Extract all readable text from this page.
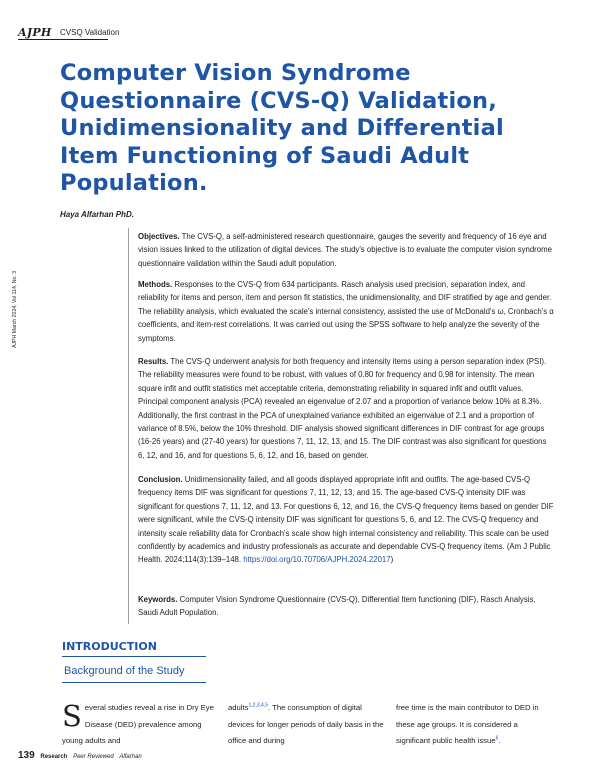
AJPH CVSQ Validation
Computer Vision Syndrome Questionnaire (CVS-Q) Validation, Unidimensionality and Differential Item Functioning of Saudi Adult Population.
Haya Alfarhan PhD.
AJPH March 2024, Vol 114, No. 3

Objectives. The CVS-Q, a self-administered research questionnaire, gauges the severity and frequency of 16 eye and vision issues linked to the utilization of digital devices. The study's objective is to evaluate the computer vision syndrome questionnaire validation within the Saudi adult population.

Methods. Responses to the CVS-Q from 634 participants. Rasch analysis used precision, separation index, and reliability for items and person, item and person fit statistics, the unidimensionality, and DIF stratified by age and gender. The reliability analysis, which evaluated the scale's internal consistency, assisted the use of McDonald's ω, Cronbach's α coefficients, and item-rest correlations. It was carried out using the SPSS software to help analyze the severity of the symptoms.

Results. The CVS-Q underwent analysis for both frequency and intensity items using a person separation index (PSI). The reliability measures were found to be robust, with values of 0.80 for frequency and 0.98 for intensity. The mean square infit and outfit statistics met acceptable criteria, demonstrating reliability in squared infit and outfit values. Principal component analysis (PCA) revealed an eigenvalue of 2.07 and a proportion of variance below 10% at 8.3%. Additionally, the first contrast in the PCA of unexplained variance exhibited an eigenvalue of 2.1 and a proportion of variance of 8.5%, below the 10% threshold. DIF analysis showed significant differences in DIF contrast for age groups (16-26 years) and (27-40 years) for questions 7, 11, 12, 13, and 15. The DIF contrast was also significant for questions 6, 12, and 16, and for questions 5, 6, 12, and 16, based on gender.

Conclusion. Unidimensionality failed, and all goods displayed appropriate infit and outfits. The age-based CVS-Q frequency items DIF was significant for questions 7, 11, 12, 13, and 15. The age-based CVS-Q intensity DIF was significant for questions 7, 11, 12, and 13. For questions 6, 12, and 16, the CVS-Q frequency items based on gender DIF were significant, while the CVS-Q intensity DIF was significant for questions 5, 6, and 12. The CVS-Q frequency and intensity scale reliability data for Cronbach's scale show high internal consistency and reliability. This scale can be used confidently by academics and industry professionals as accurate and dependable CVS-Q frequency items. (Am J Public Health. 2024;114(3):139–148. https://doi.org/10.70706/AJPH.2024.22017)

Keywords. Computer Vision Syndrome Questionnaire (CVS-Q), Differential Item functioning (DIF), Rasch Analysis, Saudi Adult Population.

INTRODUCTION
Background of the Study

Several studies reveal a rise in Dry Eye Disease (DED) prevalence among young adults and

adults$^{1,2,3,4,5}$. The consumption of digital devices for longer periods of daily basis in the office and during

free time is the main contributor to DED in these age groups. It is considered a significant public health issue$^6$.

139 Research Peer Reviewed Alfarhan
